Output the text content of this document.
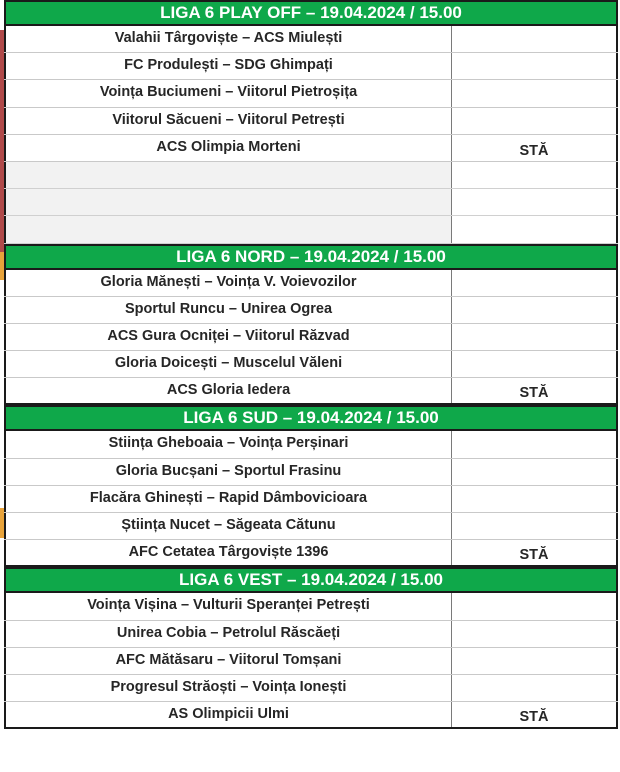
LIGA 6 PLAY OFF – 19.04.2024 / 15.00
Valahii Târgoviște – ACS Miulești
FC Produlești – SDG Ghimpați
Voința Buciumeni – Viitorul Pietroșița
Viitorul Săcueni – Viitorul Petrești
ACS Olimpia Morteni	STĂ
LIGA 6 NORD – 19.04.2024 / 15.00
Gloria Mănești – Voința V. Voievozilor
Sportul Runcu – Unirea Ogrea
ACS Gura Ocniței – Viitorul Răzvad
Gloria Doicești – Muscelul Văleni
ACS Gloria Iedera	STĂ
LIGA 6 SUD – 19.04.2024 / 15.00
Stiința Gheboaia – Voința Perșinari
Gloria Bucșani – Sportul Frasinu
Flacăra Ghinești – Rapid Dâmbovicioara
Știința Nucet – Săgeata Cătunu
AFC Cetatea Târgoviște 1396	STĂ
LIGA 6 VEST – 19.04.2024 / 15.00
Voința Vișina – Vulturii Speranței Petrești
Unirea Cobia – Petrolul Răscăeți
AFC Mătăsaru – Viitorul Tomșani
Progresul Străoști – Voința Ionești
AS Olimpicii Ulmi	STĂ
